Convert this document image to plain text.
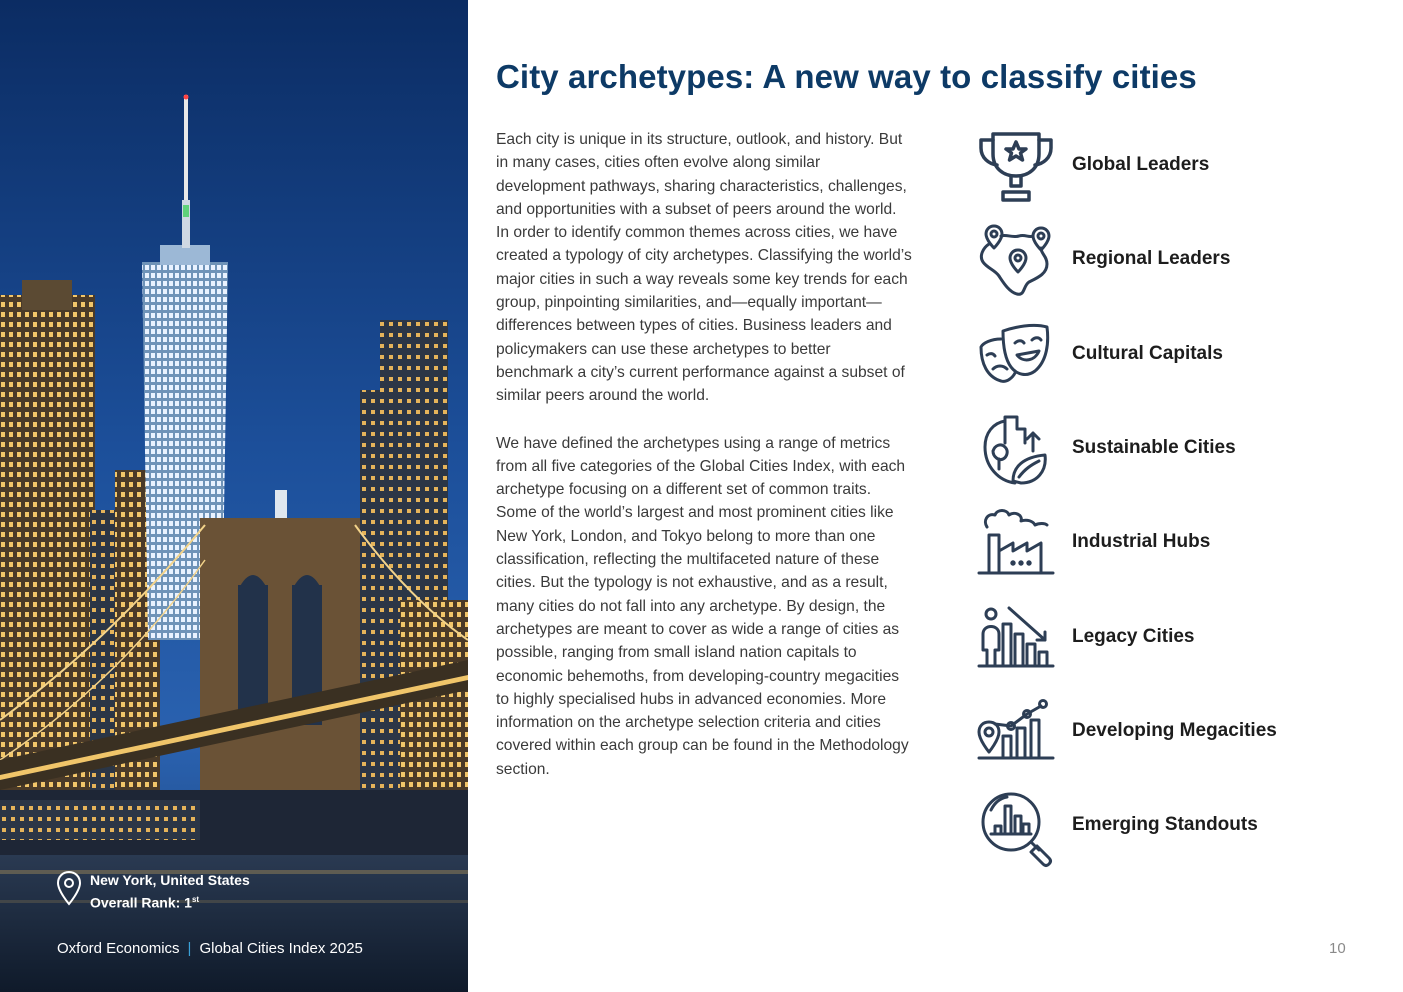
New York, United States
Overall Rank: 1st
Oxford Economics | Global Cities Index 2025
City archetypes: A new way to classify cities

Each city is unique in its structure, outlook, and history. But in many cases, cities often evolve along similar development pathways, sharing characteristics, challenges, and opportunities with a subset of peers around the world. In order to identify common themes across cities, we have created a typology of city archetypes. Classifying the world’s major cities in such a way reveals some key trends for each group, pinpointing similarities, and—equally important—differences between types of cities. Business leaders and policymakers can use these archetypes to better benchmark a city’s current performance against a subset of similar peers around the world.

We have defined the archetypes using a range of metrics from all five categories of the Global Cities Index, with each archetype focusing on a different set of common traits. Some of the world’s largest and most prominent cities like New York, London, and Tokyo belong to more than one classification, reflecting the multifaceted nature of these cities. But the typology is not exhaustive, and as a result, many cities do not fall into any archetype. By design, the archetypes are meant to cover as wide a range of cities as possible, ranging from small island nation capitals to economic behemoths, from developing-country megacities to highly specialised hubs in advanced economies. More information on the archetype selection criteria and cities covered within each group can be found in the Methodology section.

Global Leaders
Regional Leaders
Cultural Capitals
Sustainable Cities
Industrial Hubs
Legacy Cities
Developing Megacities
Emerging Standouts
10
